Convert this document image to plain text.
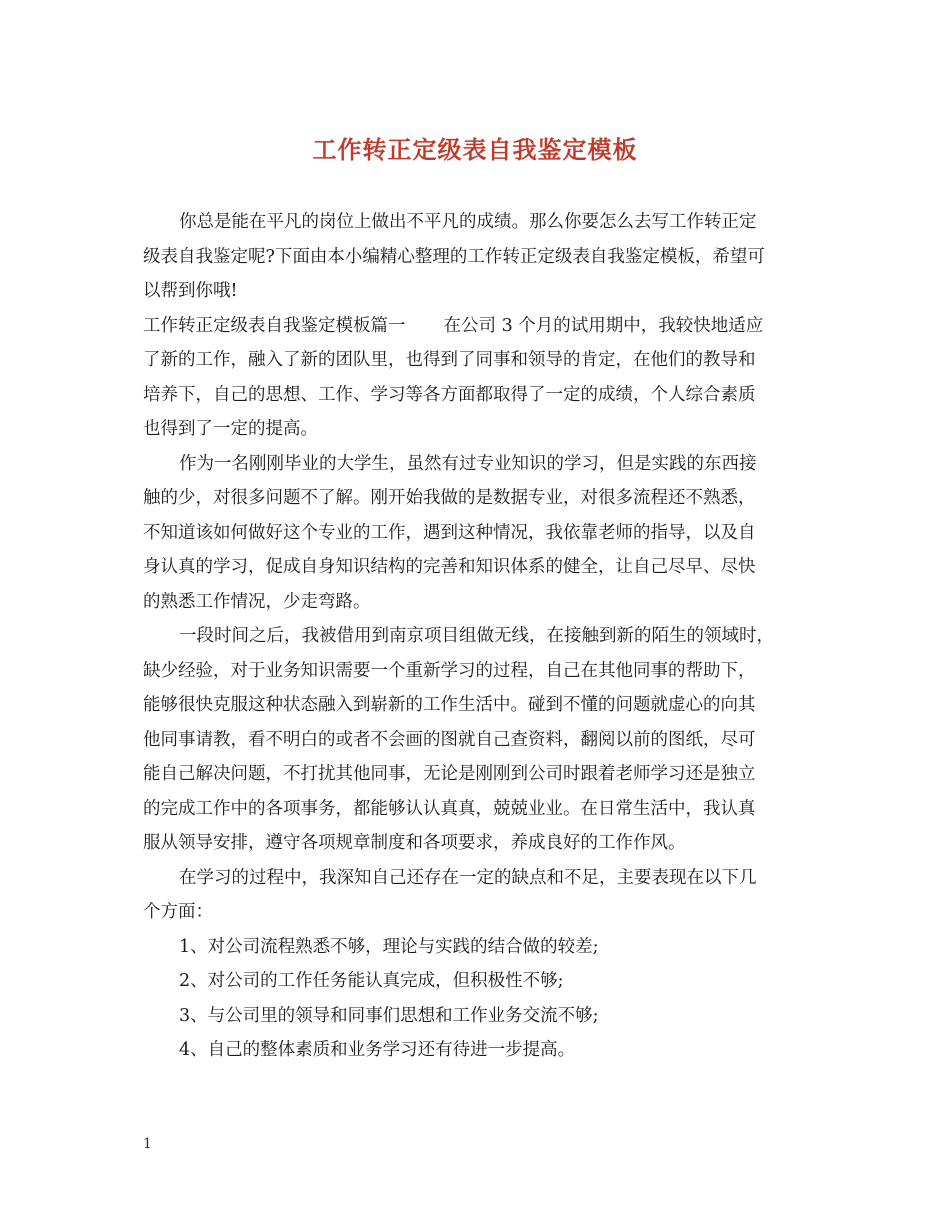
工作转正定级表自我鉴定模板
你总是能在平凡的岗位上做出不平凡的成绩。那么你要怎么去写工作转正定
级表自我鉴定呢?下面由本小编精心整理的工作转正定级表自我鉴定模板，希望可
以帮到你哦!
工作转正定级表自我鉴定模板篇一 在公司 3 个月的试用期中，我较快地适应
了新的工作，融入了新的团队里，也得到了同事和领导的肯定，在他们的教导和
培养下，自己的思想、工作、学习等各方面都取得了一定的成绩，个人综合素质
也得到了一定的提高。
作为一名刚刚毕业的大学生，虽然有过专业知识的学习，但是实践的东西接
触的少，对很多问题不了解。刚开始我做的是数据专业，对很多流程还不熟悉，
不知道该如何做好这个专业的工作，遇到这种情况，我依靠老师的指导，以及自
身认真的学习，促成自身知识结构的完善和知识体系的健全，让自己尽早、尽快
的熟悉工作情况，少走弯路。
一段时间之后，我被借用到南京项目组做无线，在接触到新的陌生的领域时，
缺少经验，对于业务知识需要一个重新学习的过程，自己在其他同事的帮助下，
能够很快克服这种状态融入到崭新的工作生活中。碰到不懂的问题就虚心的向其
他同事请教，看不明白的或者不会画的图就自己查资料，翻阅以前的图纸，尽可
能自己解决问题，不打扰其他同事，无论是刚刚到公司时跟着老师学习还是独立
的完成工作中的各项事务，都能够认认真真，兢兢业业。在日常生活中，我认真
服从领导安排，遵守各项规章制度和各项要求，养成良好的工作作风。
在学习的过程中，我深知自己还存在一定的缺点和不足，主要表现在以下几
个方面：
1、对公司流程熟悉不够，理论与实践的结合做的较差;
2、对公司的工作任务能认真完成，但积极性不够;
3、与公司里的领导和同事们思想和工作业务交流不够;
4、自己的整体素质和业务学习还有待进一步提高。
1
